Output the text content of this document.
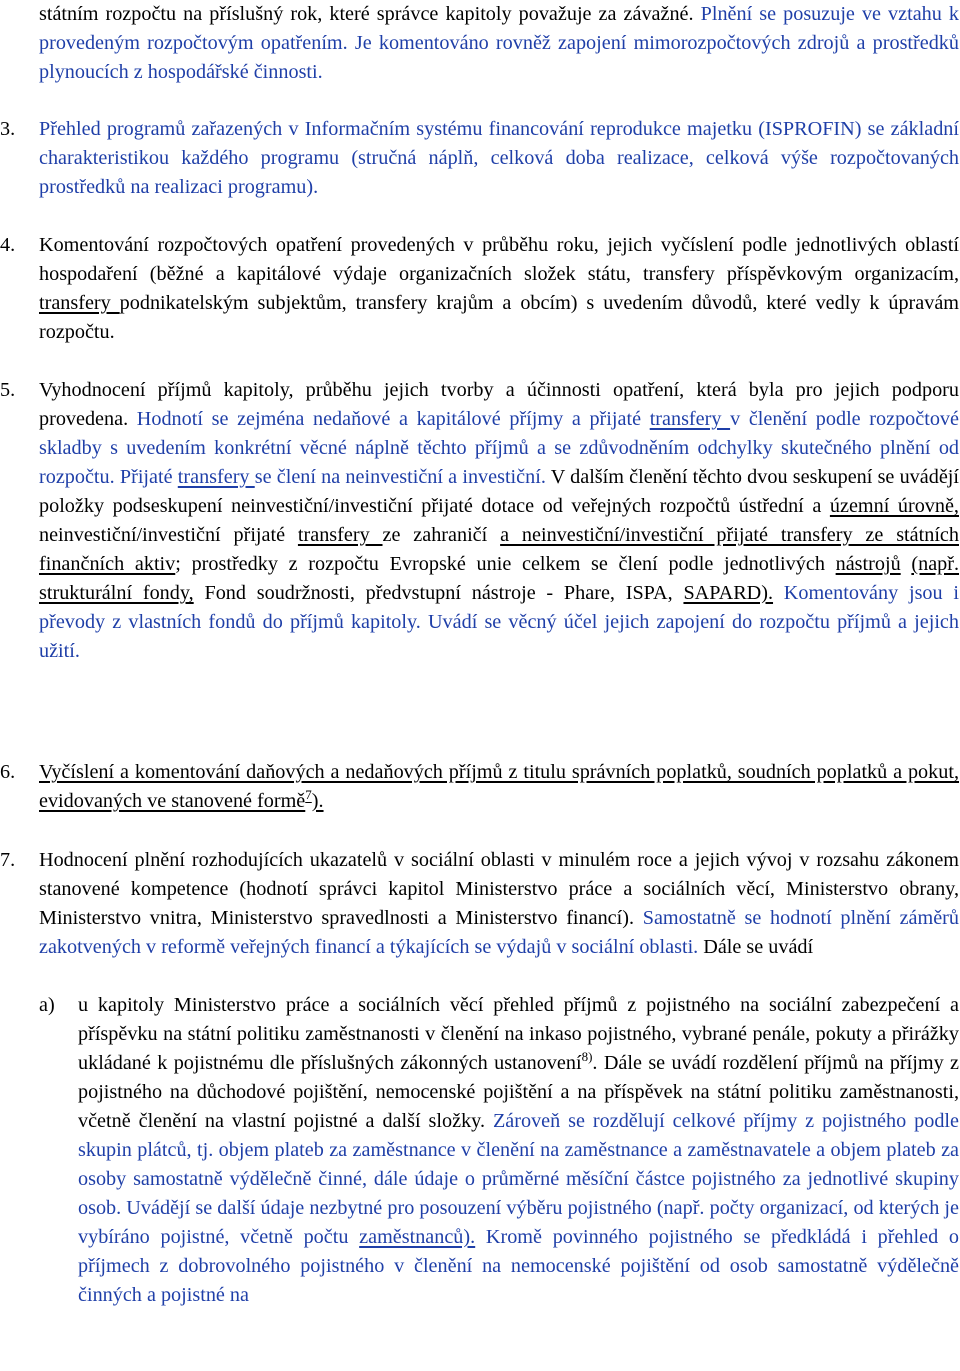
státním rozpočtu na příslušný rok, které správce kapitoly považuje za závažné. Plnění se posuzuje ve vztahu k provedeným rozpočtovým opatřením. Je komentováno rovněž zapojení mimorozpočtových zdrojů a prostředků plynoucích z hospodářské činnosti.
3. Přehled programů zařazených v Informačním systému financování reprodukce majetku (ISPROFIN) se základní charakteristikou každého programu (stručná náplň, celková doba realizace, celková výše rozpočtovaných prostředků na realizaci programu).
4. Komentování rozpočtových opatření provedených v průběhu roku, jejich vyčíslení podle jednotlivých oblastí hospodaření (běžné a kapitálové výdaje organizačních složek státu, transfery příspěvkovým organizacím, transfery podnikatelským subjektům, transfery krajům a obcím) s uvedením důvodů, které vedly k úpravám rozpočtu.
5. Vyhodnocení příjmů kapitoly, průběhu jejich tvorby a účinnosti opatření, která byla pro jejich podporu provedena. Hodnotí se zejména nedaňové a kapitálové příjmy a přijaté transfery v členění podle rozpočtové skladby s uvedením konkrétní věcné náplně těchto příjmů a se zdůvodněním odchylky skutečného plnění od rozpočtu. Přijaté transfery se člení na neinvestiční a investiční. V dalším členění těchto dvou seskupení se uvádějí položky podseskupení neinvestiční/investiční přijaté dotace od veřejných rozpočtů ústřední a územní úrovně, neinvestiční/investiční přijaté transfery ze zahraničí a neinvestiční/investiční přijaté transfery ze státních finančních aktiv; prostředky z rozpočtu Evropské unie celkem se člení podle jednotlivých nástrojů (např. strukturální fondy, Fond soudržnosti, předvstupní nástroje - Phare, ISPA, SAPARD). Komentovány jsou i převody z vlastních fondů do příjmů kapitoly. Uvádí se věcný účel jejich zapojení do rozpočtu příjmů a jejich užití.
6. Vyčíslení a komentování daňových a nedaňových příjmů z titulu správních poplatků, soudních poplatků a pokut, evidovaných ve stanovené formě$^7$).
7. Hodnocení plnění rozhodujících ukazatelů v sociální oblasti v minulém roce a jejich vývoj v rozsahu zákonem stanovené kompetence (hodnotí správci kapitol Ministerstvo práce a sociálních věcí, Ministerstvo obrany, Ministerstvo vnitra, Ministerstvo spravedlnosti a Ministerstvo financí). Samostatně se hodnotí plnění záměrů zakotvených v reformě veřejných financí a týkajících se výdajů v sociální oblasti. Dále se uvádí
a) u kapitoly Ministerstvo práce a sociálních věcí přehled příjmů z pojistného na sociální zabezpečení a příspěvku na státní politiku zaměstnanosti v členění na inkaso pojistného, vybrané penále, pokuty a přirážky ukládané k pojistnému dle příslušných zákonných ustanovení$^{8)}$. Dále se uvádí rozdělení příjmů na příjmy z pojistného na důchodové pojištění, nemocenské pojištění a na příspěvek na státní politiku zaměstnanosti, včetně členění na vlastní pojistné a další složky. Zároveň se rozdělují celkové příjmy z pojistného podle skupin plátců, tj. objem plateb za zaměstnance v členění na zaměstnance a zaměstnavatele a objem plateb za osoby samostatně výdělečně činné, dále údaje o průměrné měsíční částce pojistného za jednotlivé skupiny osob. Uvádějí se další údaje nezbytné pro posouzení výběru pojistného (např. počty organizací, od kterých je vybíráno pojistné, včetně počtu zaměstnanců). Kromě povinného pojistného se předkládá i přehled o příjmech z dobrovolného pojistného v členění na nemocenské pojištění od osob samostatně výdělečně činných a pojistné na
